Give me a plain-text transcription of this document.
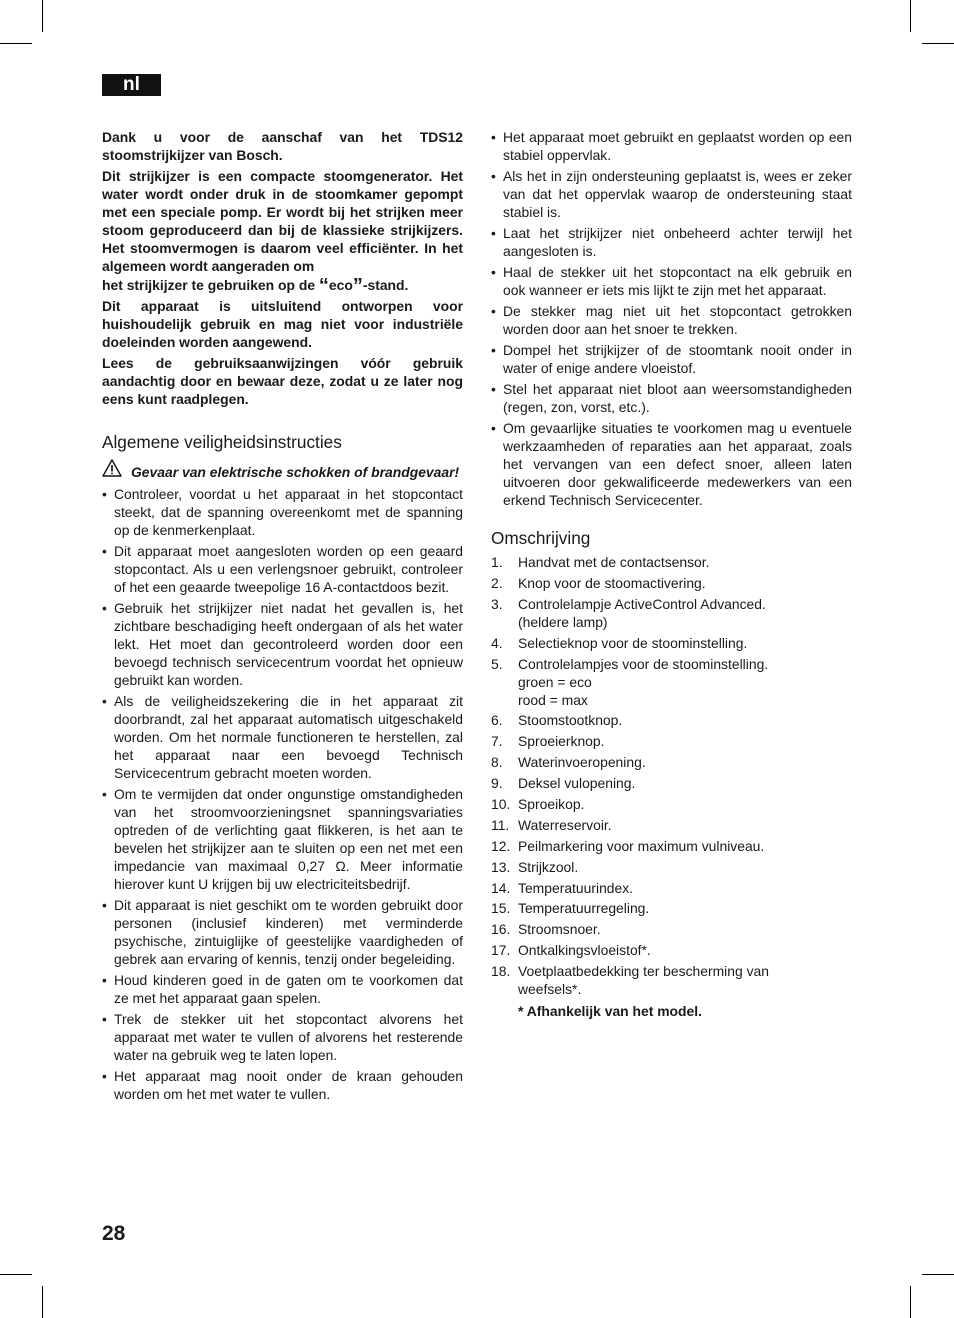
nl

Dank u voor de aanschaf van het TDS12 stoomstrijkijzer van Bosch.

Dit strijkijzer is een compacte stoomgenerator. Het water wordt onder druk in de stoomkamer gepompt met een speciale pomp. Er wordt bij het strijken meer stoom geproduceerd dan bij de klassieke strijkijzers. Het stoomvermogen is daarom veel efficiënter. In het algemeen wordt aangeraden om

het strijkijzer te gebruiken op de “eco”-stand.

Dit apparaat is uitsluitend ontworpen voor huishoudelijk gebruik en mag niet voor industriële doeleinden worden aangewend.

Lees de gebruiksaanwijzingen vóór gebruik aandachtig door en bewaar deze, zodat u ze later nog eens kunt raadplegen.

Algemene veiligheidsinstructies
Gevaar van elektrische schokken of brandgevaar!
• Controleer, voordat u het apparaat in het stopcontact steekt, dat de spanning overeenkomt met de spanning op de kenmerkenplaat.
• Dit apparaat moet aangesloten worden op een geaard stopcontact. Als u een verlengsnoer gebruikt, controleer of het een geaarde tweepolige 16 A-contactdoos bezit.
• Gebruik het strijkijzer niet nadat het gevallen is, het zichtbare beschadiging heeft ondergaan of als het water lekt. Het moet dan gecontroleerd worden door een bevoegd technisch servicecentrum voordat het opnieuw gebruikt kan worden.
• Als de veiligheidszekering die in het apparaat zit doorbrandt, zal het apparaat automatisch uitgeschakeld worden. Om het normale functioneren te herstellen, zal het apparaat naar een bevoegd Technisch Servicecentrum gebracht moeten worden.
• Om te vermijden dat onder ongunstige omstandigheden van het stroomvoorzieningsnet spanningsvariaties optreden of de verlichting gaat flikkeren, is het aan te bevelen het strijkijzer aan te sluiten op een net met een impedancie van maximaal 0,27 Ω. Meer informatie hierover kunt U krijgen bij uw electriciteitsbedrijf.
• Dit apparaat is niet geschikt om te worden gebruikt door personen (inclusief kinderen) met verminderde psychische, zintuiglijke of geestelijke vaardigheden of gebrek aan ervaring of kennis, tenzij onder begeleiding.
• Houd kinderen goed in de gaten om te voorkomen dat ze met het apparaat gaan spelen.
• Trek de stekker uit het stopcontact alvorens het apparaat met water te vullen of alvorens het resterende water na gebruik weg te laten lopen.
• Het apparaat mag nooit onder de kraan gehouden worden om het met water te vullen.
• Het apparaat moet gebruikt en geplaatst worden op een stabiel oppervlak.
• Als het in zijn ondersteuning geplaatst is, wees er zeker van dat het oppervlak waarop de ondersteuning staat stabiel is.
• Laat het strijkijzer niet onbeheerd achter terwijl het aangesloten is.
• Haal de stekker uit het stopcontact na elk gebruik en ook wanneer er iets mis lijkt te zijn met het apparaat.
• De stekker mag niet uit het stopcontact getrokken worden door aan het snoer te trekken.
• Dompel het strijkijzer of de stoomtank nooit onder in water of enige andere vloeistof.
• Stel het apparaat niet bloot aan weersomstandigheden (regen, zon, vorst, etc.).
• Om gevaarlijke situaties te voorkomen mag u eventuele werkzaamheden of reparaties aan het apparaat, zoals het vervangen van een defect snoer, alleen laten uitvoeren door gekwalificeerde medewerkers van een erkend Technisch Servicecenter.
Omschrijving
1. Handvat met de contactsensor.
2. Knop voor de stoomactivering.
3. Controlelampje ActiveControl Advanced.
(heldere lamp)
4. Selectieknop voor de stoominstelling.
5. Controlelampjes voor de stoominstelling.
groen = eco
rood = max
6. Stoomstootknop.
7. Sproeierknop.
8. Waterinvoeropening.
9. Deksel vulopening.
10. Sproeikop.
11. Waterreservoir.
12. Peilmarkering voor maximum vulniveau.
13. Strijkzool.
14. Temperatuurindex.
15. Temperatuurregeling.
16. Stroomsnoer.
17. Ontkalkingsvloeistof*.
18. Voetplaatbedekking ter bescherming van
weefsels*.
* Afhankelijk van het model.
28
